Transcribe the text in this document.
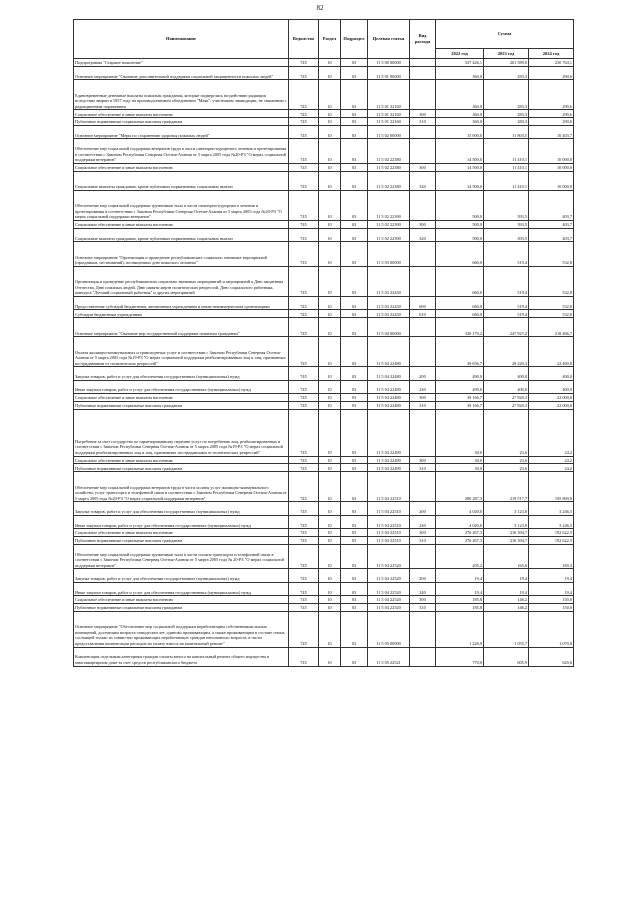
82
Наименование	Ведомство	Раздел	Подраздел	Целевая статья	Вид расхода	Сумма		
						2022 год	2023 год	2024 год
Подпрограмма "Старшее поколение"	745	10	03	11 5 00 00000		337 426,1	261 589,0	230 764,1
Основное мероприятие "Оказание дополнительной поддержки социальной защищенности пожилых людей"	745	10	03	11 5 01 00000		360,0	283,3	290,6
Единовременные денежные выплаты пожилым гражданам, которые подверглись воздействию радиации вследствие аварии в 1957 году на производственном объединении "Маяк", участникам ликвидации, не связанным с радиационным поражением	745	10	03	11 5 01 22160		360,0	283,3	290,6
Социальное обеспечение и иные выплаты населению	745	10	03	11 5 01 22160	300	360,0	283,3	290,6
Публичные нормативные социальные выплаты гражданам	745	10	03	11 5 01 22160	310	360,0	283,3	290,6
Основное мероприятие "Меры по сохранению здоровья пожилых людей"	745	10	03	11 5 02 00000		15 000,0	11 803,5	10 403,7
Обеспечение мер социальной поддержки ветеранов труда в части санаторно-курортного лечения и протезирования в соответствии с Законом Республики Северная Осетия-Алания от 5 марта 2005 года №20-РЗ "О мерах социальной поддержки ветеранов"	745	10	03	11 5 02 22380		14 500,0	11 410,1	10 000,0
Социальное обеспечение и иные выплаты населению	745	10	03	11 5 02 22380	300	14 500,0	11 410,1	10 000,0
Социальные выплаты гражданам, кроме публичных нормативных социальных выплат	745	10	03	11 5 02 22380	320	14 500,0	11 410,1	10 000,0
Обеспечение мер социальной поддержки тружеников тыла в части санаторно-курортного лечения и протезирования в соответствии с Законом Республики Северная Осетия-Алания от 5 марта 2005 года №20-РЗ "О мерах социальной поддержки ветеранов"	745	10	03	11 5 02 22390		500,0	393,5	403,7
Социальное обеспечение и иные выплаты населению	745	10	03	11 5 02 22390	300	500,0	393,5	403,7
Социальные выплаты гражданам, кроме публичных нормативных социальных выплат	745	10	03	11 5 02 22390	320	500,0	393,5	403,7
Основное мероприятие "Организация и проведение республиканских социально значимых мероприятий (праздников, чествований), посвященных дню пожилого человека"	745	10	03	11 5 03 00000		660,0	519,4	532,8
Организация и проведение республиканских социально значимых мероприятий и мероприятий к Дню защитника Отечества, Дню пожилых людей, Дню памяти жертв политических репрессий, Дню социального работника, конкурса "Лучший социальный работник" и других мероприятий	745	10	03	11 5 03 22450		660,0	519,4	532,8
Предоставление субсидий бюджетным, автономным учреждениям и иным некоммерческим организациям	745	10	03	11 5 03 22450	600	660,0	519,4	532,8
Субсидии бюджетным учреждениям	745	10	03	11 5 03 22450	610	660,0	519,4	532,8
Основное мероприятие "Оказание мер государственной поддержки пожилым гражданам"	745	10	03	11 5 04 00000		320 179,2	247 927,2	218 466,7
Оплата жилищно-коммунальных и транспортных услуг в соответствии с Законом Республики Северная Осетия-Алания от 5 марта 2005 года №19-РЗ "О мерах социальной поддержки реабилитированных лиц и лиц, признанных пострадавшими от политических репрессий"	745	10	03	11 5 04 22480		39 656,7	28 220,3	22 400,0
Закупка товаров, работ и услуг для обеспечения государственных (муниципальных) нужд	745	10	03	11 5 04 22480	200	490,0	400,0	400,0
Иные закупки товаров, работ и услуг для обеспечения государственных (муниципальных) нужд	745	10	03	11 5 04 22480	240	490,0	400,0	400,0
Социальное обеспечение и иные выплаты населению	745	10	03	11 5 04 22480	300	39 166,7	27 820,3	22 000,0
Публичные нормативные социальные выплаты гражданам	745	10	03	11 5 04 22480	310	39 166,7	27 820,3	22 000,0
Погребение за счет государства по гарантированному перечню услуг по погребению лиц, реабилитированных в соответствии с Законом Республики Северная Осетия-Алания от 5 марта 2005 года №19-РЗ "О мерах социальной поддержки реабилитированных лиц и лиц, признанных пострадавшими от политических репрессий"	745	10	03	11 5 04 22490		30,0	23,6	24,2
Социальное обеспечение и иные выплаты населению	745	10	03	11 5 04 22490	300	30,0	23,6	24,2
Публичные нормативные социальные выплаты гражданам	745	10	03	11 5 04 22490	310	30,0	23,6	24,2
Обеспечение мер социальной поддержки ветеранов труда в части оплаты услуг жилищно-коммунального хозяйства, услуг транспорта и телефонной связи в соответствии с Законом Республики Северная Осетия-Алания от 5 марта 2005 года №20-РЗ "О мерах социальной поддержки ветеранов"	745	10	03	11 5 04 22510		280 287,3	219 517,7	195 869,0
Закупка товаров, работ и услуг для обеспечения государственных (муниципальных) нужд	745	10	03	11 5 04 22510	200	4 020,0	3 123,0	3 246,5
Иные закупки товаров, работ и услуг для обеспечения государственных (муниципальных) нужд	745	10	03	11 5 04 22510	240	4 020,0	3 123,0	3 246,5
Социальное обеспечение и иные выплаты населению	745	10	03	11 5 04 22510	300	276 267,3	216 394,7	192 622,5
Публичные нормативные социальные выплаты гражданам	745	10	03	11 5 04 22510	310	276 267,3	216 394,7	192 622,5
Обеспечение мер социальной поддержки тружеников тыла в части оплаты транспорта и телефонной связи в соответствии с Законом Республики Северная Осетия-Алания от 5 марта 2005 года № 20-РЗ "О мерах социальной поддержки ветеранов"	745	10	03	11 5 04 22520		205,2	165,6	169,4
Закупка товаров, работ и услуг для обеспечения государственных (муниципальных) нужд	745	10	03	11 5 04 22520	200	19,4	19,4	19,4
Иные закупки товаров, работ и услуг для обеспечения государственных (муниципальных) нужд	745	10	03	11 5 04 22520	240	19,4	19,4	19,4
Социальное обеспечение и иные выплаты населению	745	10	03	11 5 04 22520	300	185,8	146,2	150,0
Публичные нормативные социальные выплаты гражданам	745	10	03	11 5 04 22520	310	185,8	146,2	150,0
Основное мероприятие "Обеспечение мер социальной поддержки неработающим собственникам жилых помещений, достигшим возраста семидесяти лет, одиноко проживающим, а также проживающим в составе семьи, состоящей только из совместно проживающих неработающих граждан пенсионного возраста, в части предоставления компенсации расходов на уплату взноса на капитальный ремонт"	745	10	03	11 5 05 00000		1 226,9	1 055,7	1 070,8
Компенсация отдельным категориям граждан оплаты взноса на капитальный ремонт общего имущества в многоквартирном доме за счет средств республиканского бюджета	745	10	03	11 5 05 22521		770,0	605,9	620,6
